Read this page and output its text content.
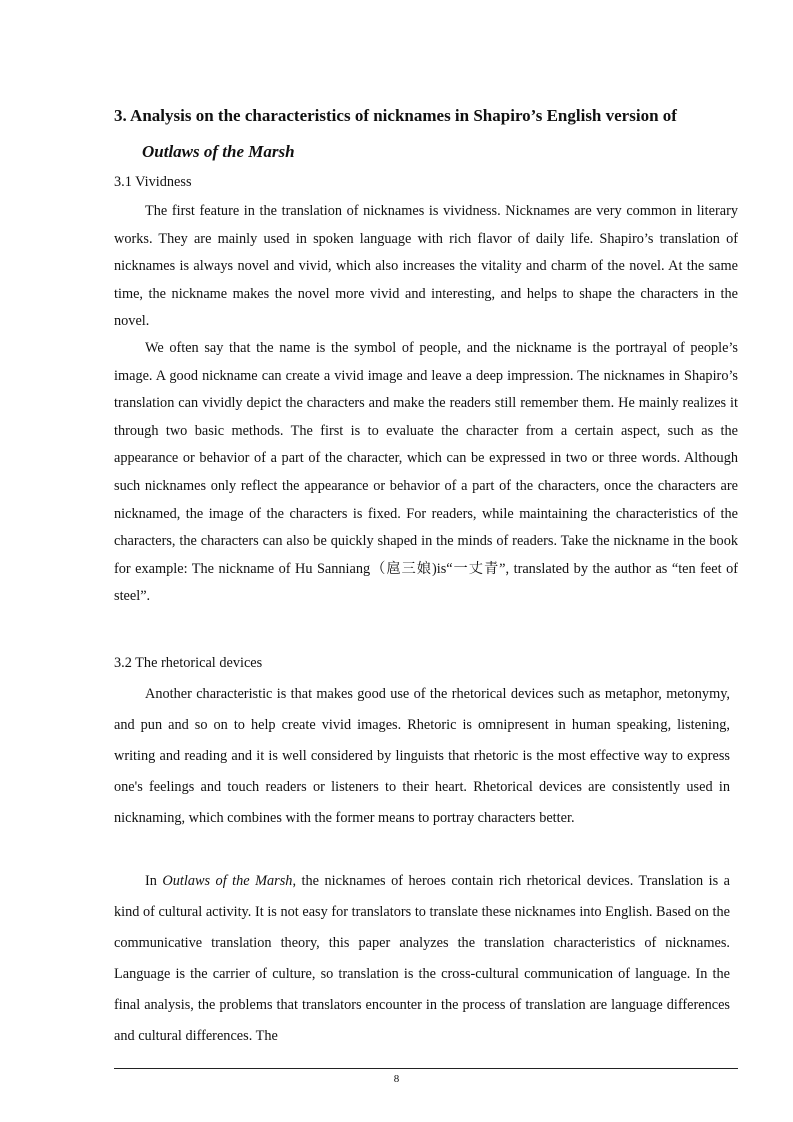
3. Analysis on the characteristics of nicknames in Shapiro’s English version of
Outlaws of the Marsh
3.1 Vividness

The first feature in the translation of nicknames is vividness. Nicknames are very common in literary works. They are mainly used in spoken language with rich flavor of daily life. Shapiro’s translation of nicknames is always novel and vivid, which also increases the vitality and charm of the novel. At the same time, the nickname makes the novel more vivid and interesting, and helps to shape the characters in the novel.

We often say that the name is the symbol of people, and the nickname is the portrayal of people’s image. A good nickname can create a vivid image and leave a deep impression. The nicknames in Shapiro’s translation can vividly depict the characters and make the readers still remember them. He mainly realizes it through two basic methods. The first is to evaluate the character from a certain aspect, such as the appearance or behavior of a part of the character, which can be expressed in two or three words. Although such nicknames only reflect the appearance or behavior of a part of the characters, once the characters are nicknamed, the image of the characters is fixed. For readers, while maintaining the characteristics of the characters, the characters can also be quickly shaped in the minds of readers. Take the nickname in the book for example: The nickname of Hu Sanniang（扈三娘)is“一丈青”, translated by the author as “ten feet of steel”.

3.2 The rhetorical devices

Another characteristic is that makes good use of the rhetorical devices such as metaphor, metonymy, and pun and so on to help create vivid images. Rhetoric is omnipresent in human speaking, listening, writing and reading and it is well considered by linguists that rhetoric is the most effective way to express one's feelings and touch readers or listeners to their heart. Rhetorical devices are consistently used in nicknaming, which combines with the former means to portray characters better.

In Outlaws of the Marsh, the nicknames of heroes contain rich rhetorical devices. Translation is a kind of cultural activity. It is not easy for translators to translate these nicknames into English. Based on the communicative translation theory, this paper analyzes the translation characteristics of nicknames. Language is the carrier of culture, so translation is the cross-cultural communication of language. In the final analysis, the problems that translators encounter in the process of translation are language differences and cultural differences. The

8
